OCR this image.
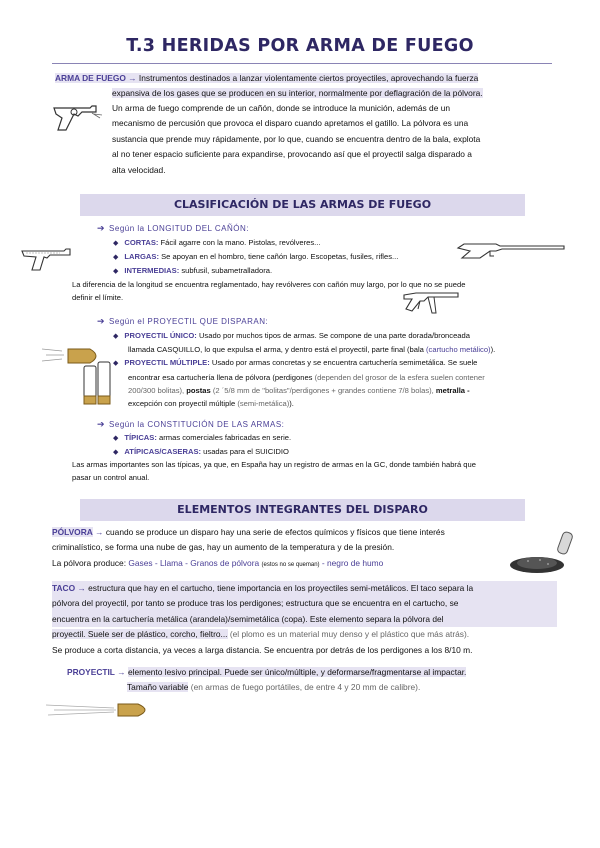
T.3 HERIDAS POR ARMA DE FUEGO
ARMA DE FUEGO → Instrumentos destinados a lanzar violentamente ciertos proyectiles, aprovechando la fuerza
expansiva de los gases que se producen en su interior, normalmente por deflagración de la pólvora.
Un arma de fuego comprende de un cañón, donde se introduce la munición, además de un
mecanismo de percusión que provoca el disparo cuando apretamos el gatillo. La pólvora es una
sustancia que prende muy rápidamente, por lo que, cuando se encuentra dentro de la bala, explota
al no tener espacio suficiente para expandirse, provocando así que el proyectil salga disparado a
alta velocidad.
CLASIFICACIÓN DE LAS ARMAS DE FUEGO
➔ Según la LONGITUD DEL CAÑÓN:
◆ CORTAS: Fácil agarre con la mano. Pistolas, revólveres...
◆ LARGAS: Se apoyan en el hombro, tiene cañón largo. Escopetas, fusiles, rifles...
◆ INTERMEDIAS: subfusil, subametralladora.
La diferencia de la longitud se encuentra reglamentado, hay revólveres con cañón muy largo, por lo que no se puede
definir el límite.
➔ Según el PROYECTIL QUE DISPARAN:
◆ PROYECTIL ÚNICO: Usado por muchos tipos de armas. Se compone de una parte dorada/bronceada
llamada CASQUILLO, lo que expulsa el arma, y dentro está el proyectil, parte final (bala (cartucho metálico)).
◆ PROYECTIL MÚLTIPLE: Usado por armas concretas y se encuentra cartuchería semimetálica. Se suele
encontrar esa cartuchería llena de pólvora (perdigones (dependen del grosor de la esfera suelen contener
200/300 bolitas), postas (2 ´5/8 mm de "bolitas"/perdigones + grandes contiene 7/8 bolas), metralla -
excepción con proyectil múltiple (semi-metálica)).
➔ Según la CONSTITUCIÓN DE LAS ARMAS:
◆ TÍPICAS: armas comerciales fabricadas en serie.
◆ ATÍPICAS/CASERAS: usadas para el SUICIDIO
Las armas importantes son las típicas, ya que, en España hay un registro de armas en la GC, donde también habrá que
pasar un control anual.
ELEMENTOS INTEGRANTES DEL DISPARO
PÓLVORA → cuando se produce un disparo hay una serie de efectos químicos y físicos que tiene interés
criminalístico, se forma una nube de gas, hay un aumento de la temperatura y de la presión.
La pólvora produce: Gases - Llama - Granos de pólvora (estos no se queman) - negro de humo
TACO → estructura que hay en el cartucho, tiene importancia en los proyectiles semi-metálicos. El taco separa la
pólvora del proyectil, por tanto se produce tras los perdigones; estructura que se encuentra en el cartucho, se
encuentra en la cartuchería metálica (arandela)/semimetálica (copa). Este elemento separa la pólvora del
proyectil. Suele ser de plástico, corcho, fieltro... (el plomo es un material muy denso y el plástico que más atrás).
Se produce a corta distancia, ya veces a larga distancia. Se encuentra por detrás de los perdigones a los 8/10 m.
PROYECTIL → elemento lesivo principal. Puede ser único/múltiple, y deformarse/fragmentarse al impactar.
Tamaño variable (en armas de fuego portátiles, de entre 4 y 20 mm de calibre).
